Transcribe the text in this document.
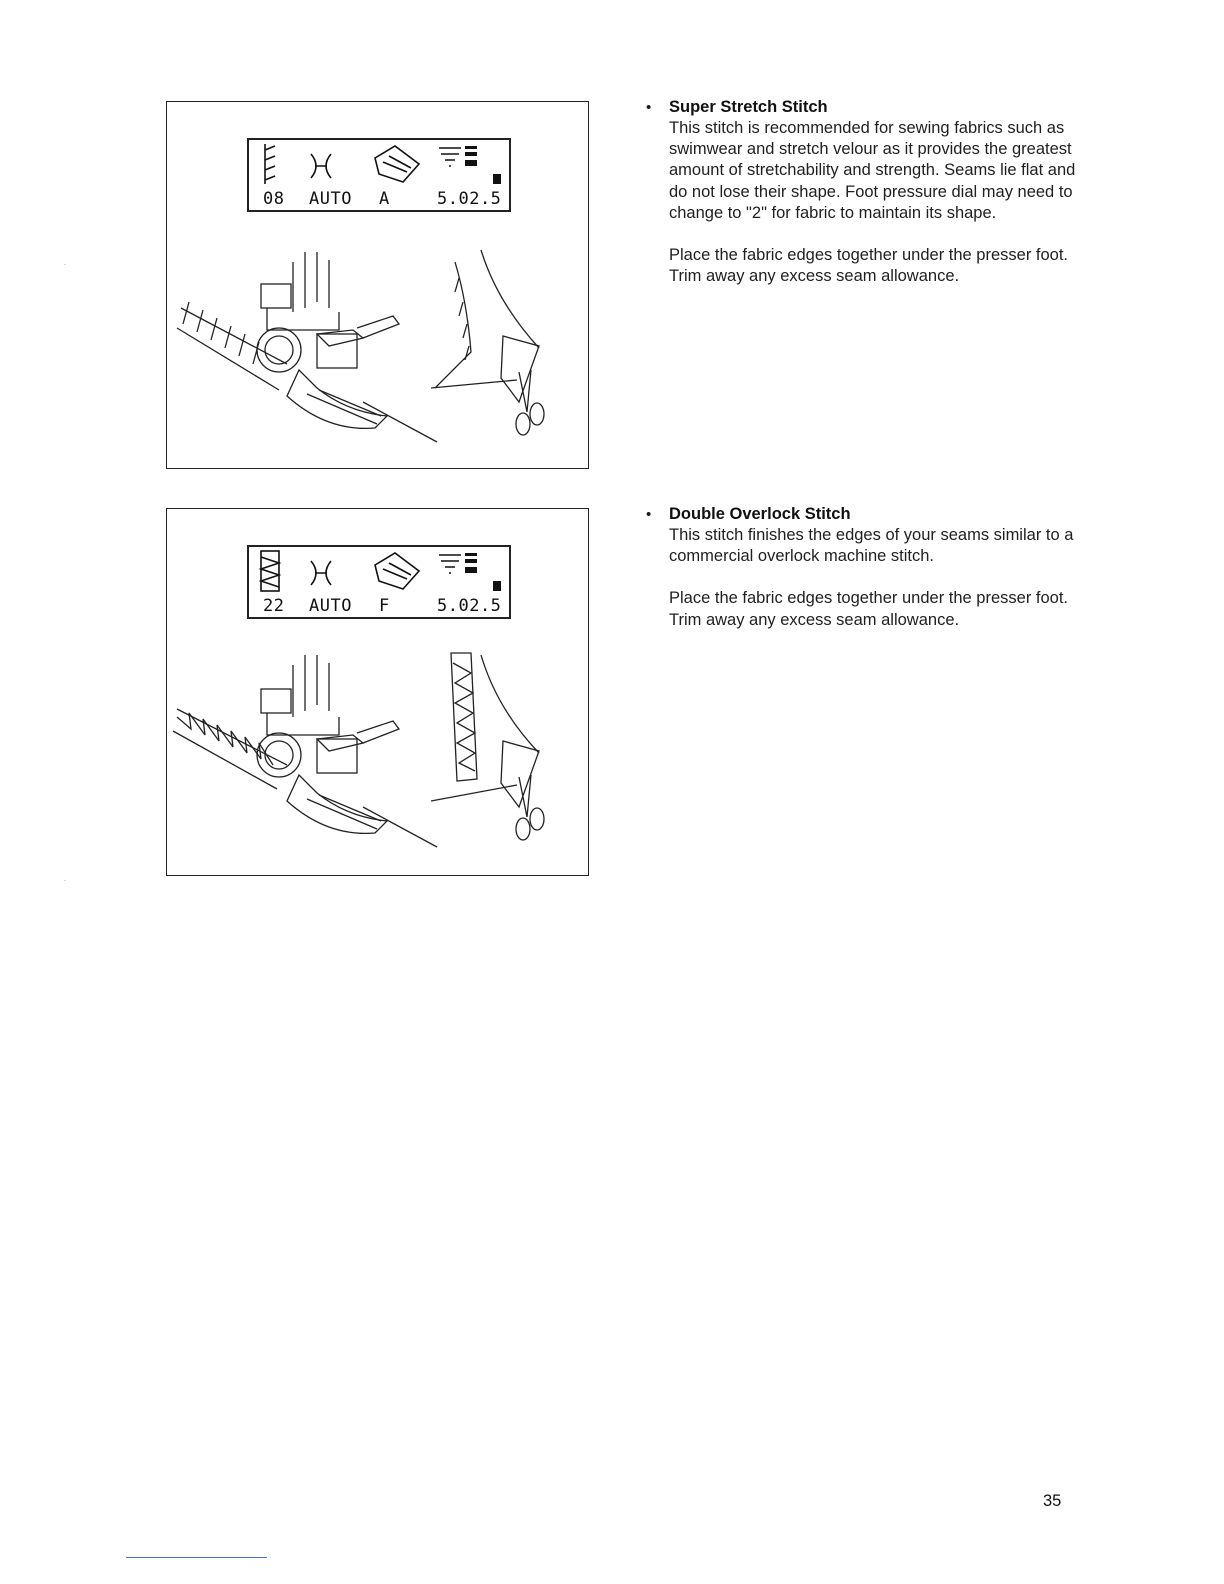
08 AUTO A	5.02.5
22 AUTO F	5.02.5
• Super Stretch Stitch

This stitch is recommended for sewing fabrics such as swimwear and stretch velour as it provides the greatest amount of stretchability and strength. Seams lie flat and do not lose their shape. Foot pressure dial may need to change to "2" for fabric to maintain its shape.

Place the fabric edges together under the presser foot. Trim away any excess seam allowance.

• Double Overlock Stitch

This stitch finishes the edges of your seams similar to a commercial overlock machine stitch.

Place the fabric edges together under the presser foot. Trim away any excess seam allowance.

35
